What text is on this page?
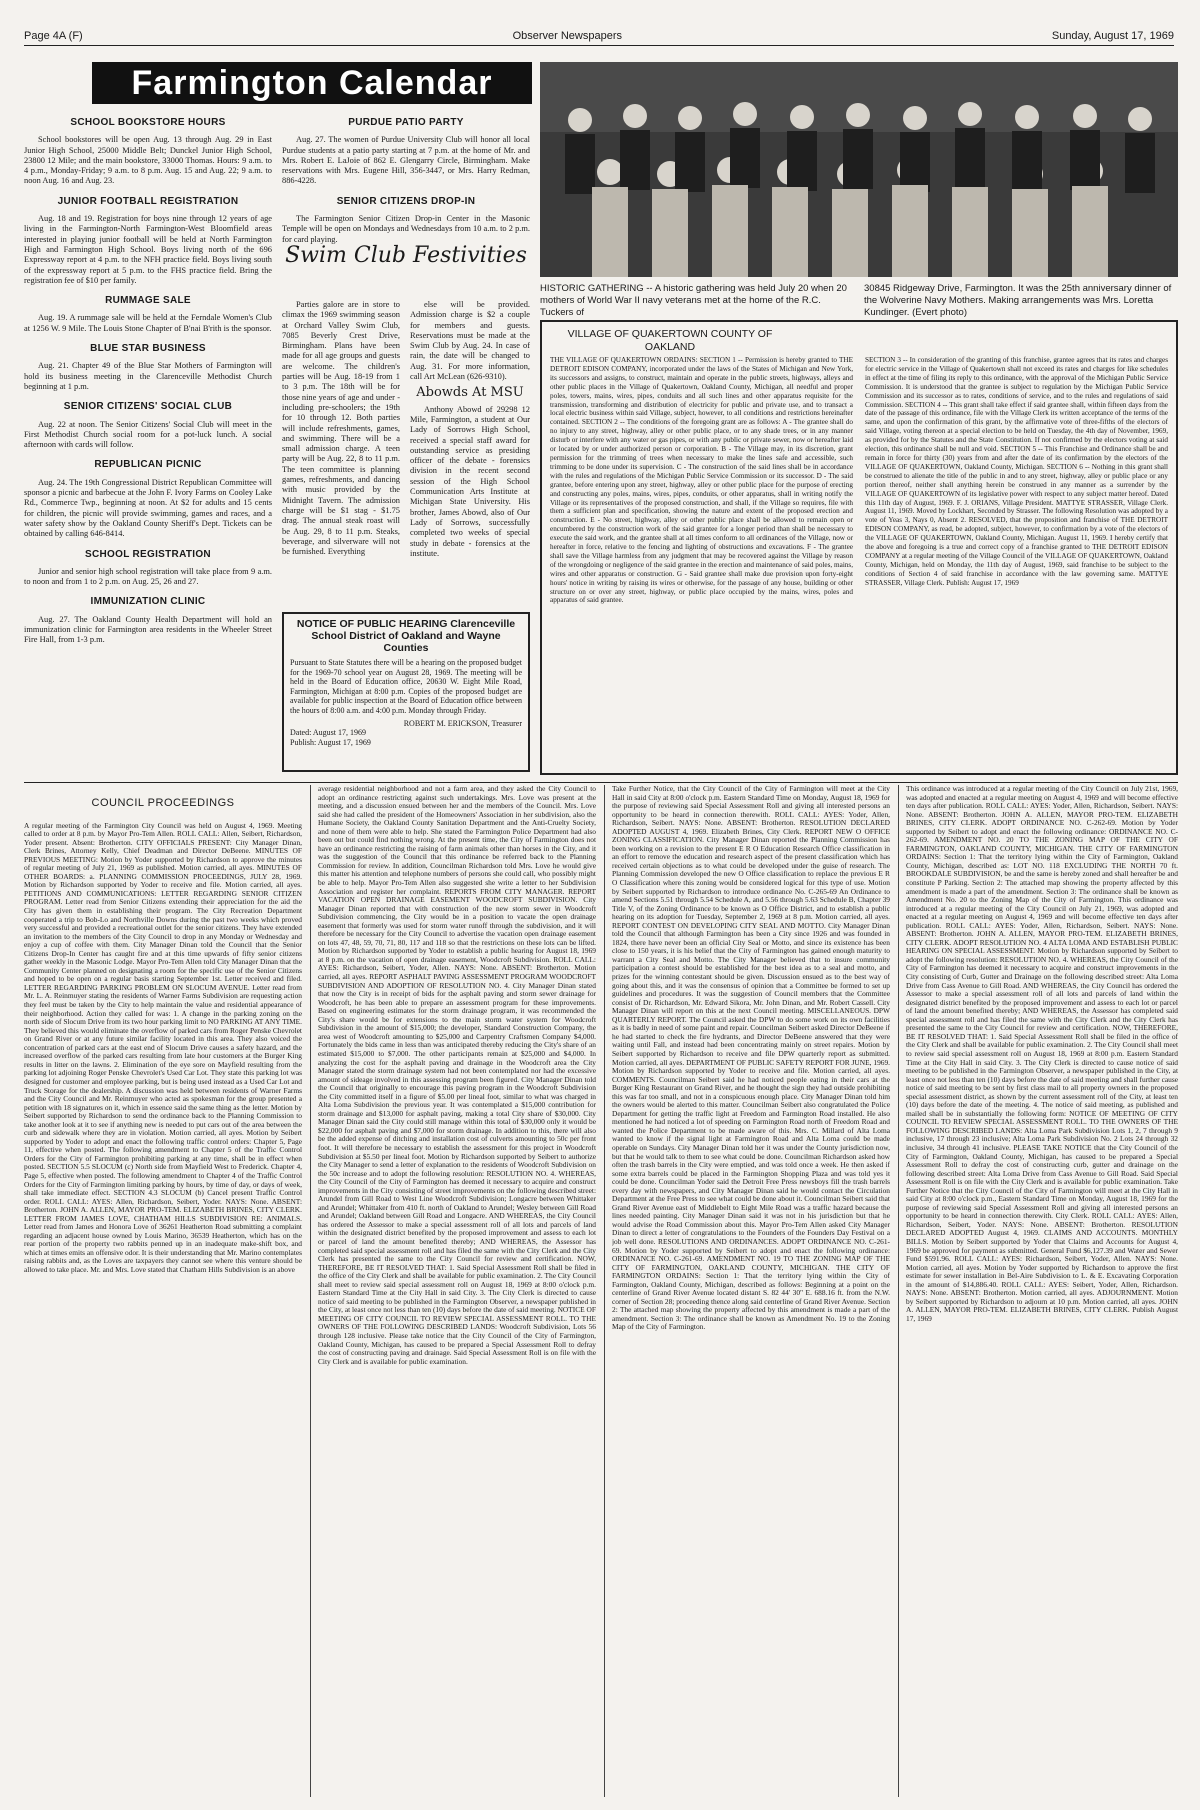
Page 4A (F)	Observer Newspapers	Sunday, August 17, 1969
Farmington Calendar
SCHOOL BOOKSTORE HOURS
School bookstores will be open Aug. 13 through Aug. 29 in East Junior High School, 25000 Middle Belt; Dunckel Junior High School, 23800 12 Mile; and the main bookstore, 33000 Thomas. Hours: 9 a.m. to 4 p.m., Monday-Friday; 9 a.m. to 8 p.m. Aug. 15 and Aug. 22; 9 a.m. to noon Aug. 16 and Aug. 23.
JUNIOR FOOTBALL REGISTRATION
Aug. 18 and 19. Registration for boys nine through 12 years of age living in the Farmington-North Farmington-West Bloomfield areas interested in playing junior football will be held at North Farmington High and Farmington High School. Boys living north of the 696 Expressway report at 4 p.m. to the NFH practice field. Boys living south of the expressway report at 5 p.m. to the FHS practice field. Bring the registration fee of $10 per family.
RUMMAGE SALE
Aug. 19. A rummage sale will be held at the Ferndale Women's Club at 1256 W. 9 Mile. The Louis Stone Chapter of B'nai B'rith is the sponsor.
BLUE STAR BUSINESS
Aug. 21. Chapter 49 of the Blue Star Mothers of Farmington will hold its business meeting in the Clarenceville Methodist Church beginning at 1 p.m.
SENIOR CITIZENS' SOCIAL CLUB
Aug. 22 at noon. The Senior Citizens' Social Club will meet in the First Methodist Church social room for a pot-luck lunch. A social afternoon with cards will follow.
REPUBLICAN PICNIC
Aug. 24. The 19th Congressional District Republican Committee will sponsor a picnic and barbecue at the John F. Ivory Farms on Cooley Lake Rd., Commerce Twp., beginning at noon. At $2 for adults and 15 cents for children, the picnic will provide swimming, games and races, and a water safety show by the Oakland County Sheriff's Dept. Tickets can be obtained by calling 646-8414.
SCHOOL REGISTRATION
Junior and senior high school registration will take place from 9 a.m. to noon and from 1 to 2 p.m. on Aug. 25, 26 and 27.
IMMUNIZATION CLINIC
Aug. 27. The Oakland County Health Department will hold an immunization clinic for Farmington area residents in the Wheeler Street Fire Hall, from 1-3 p.m.
PURDUE PATIO PARTY
Aug. 27. The women of Purdue University Club will honor all local Purdue students at a patio party starting at 7 p.m. at the home of Mr. and Mrs. Robert E. LaJoie of 862 E. Glengarry Circle, Birmingham. Make reservations with Mrs. Eugene Hill, 356-3447, or Mrs. Harry Redman, 886-4228.
SENIOR CITIZENS DROP-IN
The Farmington Senior Citizen Drop-in Center in the Masonic Temple will be open on Mondays and Wednesdays from 10 a.m. to 2 p.m. for card playing.
Swim Club Festivities
Parties galore are in store to climax the 1969 swimming season at Orchard Valley Swim Club, 7085 Beverly Crest Drive, Birmingham. Plans have been made for all age groups and guests are welcome. The children's parties will be Aug. 18-19 from 1 to 3 p.m. The 18th will be for those nine years of age and under - including pre-schoolers; the 19th for 10 through 12. Both parties will include refreshments, games, and swimming. There will be a small admission charge. A teen party will be Aug. 22, 8 to 11 p.m. The teen committee is planning games, refreshments, and dancing with music provided by the Midnight Tavern. The admission charge will be $1 stag - $1.75 drag. The annual steak roast will be Aug. 29, 8 to 11 p.m. Steaks, beverage, and silverware will not be furnished. Everything
else will be provided. Admission charge is $2 a couple for members and guests. Reservations must be made at the Swim Club by Aug. 24. In case of rain, the date will be changed to Aug. 31. For more information, call Art McLean (626-9310).
Abowds At MSU
Anthony Abowd of 29298 12 Mile, Farmington, a student at Our Lady of Sorrows High School, received a special staff award for outstanding service as presiding officer of the debate - forensics division in the recent second session of the High School Communication Arts Institute at Michigan State University. His brother, James Abowd, also of Our Lady of Sorrows, successfully completed two weeks of special study in debate - forensics at the institute.
NOTICE OF PUBLIC HEARING Clarenceville School District of Oakland and Wayne Counties
Pursuant to State Statutes there will be a hearing on the proposed budget for the 1969-70 school year on August 28, 1969. The meeting will be held in the Board of Education office, 20630 W. Eight Mile Road, Farmington, Michigan at 8:00 p.m. Copies of the proposed budget are available for public inspection at the Board of Education office between the hours of 8:00 a.m. and 4:00 p.m. Monday through Friday.
ROBERT M. ERICKSON, Treasurer
Dated: August 17, 1969
Publish: August 17, 1969
HISTORIC GATHERING -- A historic gathering was held July 20 when 20 mothers of World War II navy veterans met at the home of the R.C. Tuckers of
30845 Ridgeway Drive, Farmington. It was the 25th anniversary dinner of the Wolverine Navy Mothers. Making arrangements was Mrs. Loretta Kundinger. (Evert photo)
VILLAGE OF QUAKERTOWN COUNTY OF OAKLAND
THE VILLAGE OF QUAKERTOWN ORDAINS: SECTION 1 -- Permission is hereby granted to THE DETROIT EDISON COMPANY, incorporated under the laws of the States of Michigan and New York, its successors and assigns, to construct, maintain and operate in the public streets, highways, alleys and other public places in the Village of Quakertown, Oakland County, Michigan, all needful and proper poles, towers, mains, wires, pipes, conduits and all such lines and other apparatus requisite for the transmission, transforming and distribution of electricity for public and private use, and to transact a local electric business within said Village, subject, however, to all conditions and restrictions hereinafter contained. SECTION 2 -- The conditions of the foregoing grant are as follows: A - The grantee shall do no injury to any street, highway, alley or other public place, or to any shade trees, or in any manner disturb or interfere with any water or gas pipes, or with any public or private sewer, now or hereafter laid or located by or under authorized person or corporation. B - The Village may, in its discretion, grant permission for the trimming of trees when necessary to make the lines safe and accessible, such trimming to be done under its supervision. C - The construction of the said lines shall be in accordance with the rules and regulations of the Michigan Public Service Commission or its successor. D - The said grantee, before entering upon any street, highway, alley or other public place for the purpose of erecting and constructing any poles, mains, wires, pipes, conduits, or other apparatus, shall in writing notify the Village or its representatives of the proposed construction, and shall, if the Village so requires, file with them a sufficient plan and specification, showing the nature and extent of the proposed erection and construction. E - No street, highway, alley or other public place shall be allowed to remain open or encumbered by the construction work of the said grantee for a longer period than shall be necessary to execute the said work, and the grantee shall at all times conform to all ordinances of the Village, now or hereafter in force, relative to the fencing and lighting of obstructions and excavations. F - The grantee shall save the Village harmless from any judgment that may be recovered against the Village by reason of the wrongdoing or negligence of the said grantee in the erection and maintenance of said poles, mains, wires and other apparatus or construction. G - Said grantee shall make due provision upon forty-eight hours' notice in writing by raising its wires or otherwise, for the passage of any house, building or other structure on or over any street, highway, or public place occupied by the mains, wires, poles and apparatus of said grantee.
SECTION 3 -- In consideration of the granting of this franchise, grantee agrees that its rates and charges for electric service in the Village of Quakertown shall not exceed its rates and charges for like schedules in effect at the time of filing its reply to this ordinance, with the approval of the Michigan Public Service Commission. It is understood that the grantee is subject to regulation by the Michigan Public Service Commission and its successor as to rates, conditions of service, and to the rules and regulations of said Commission. SECTION 4 -- This grant shall take effect if said grantee shall, within fifteen days from the date of the passage of this ordinance, file with the Village Clerk its written acceptance of the terms of the same, and upon the confirmation of this grant, by the affirmative vote of three-fifths of the electors of said Village, voting thereon at a special election to be held on Tuesday, the 4th day of November, 1969, as provided for by the Statutes and the State Constitution. If not confirmed by the electors voting at said election, this ordinance shall be null and void. SECTION 5 -- This Franchise and Ordinance shall be and remain in force for thirty (30) years from and after the date of its confirmation by the electors of the VILLAGE OF QUAKERTOWN, Oakland County, Michigan. SECTION 6 -- Nothing in this grant shall be construed to alienate the title of the public in and to any street, highway, alley or public place or any portion thereof, neither shall anything herein be construed in any manner as a surrender by the VILLAGE OF QUAKERTOWN of its legislative power with respect to any subject matter hereof. Dated this 11th day of August, 1969. F. J. ORIANS, Village President. MATTYE STRASSER, Village Clerk. August 11, 1969. Moved by Lockhart, Seconded by Strasser. The following Resolution was adopted by a vote of Yeas 3, Nays 0, Absent 2. RESOLVED, that the proposition and franchise of THE DETROIT EDISON COMPANY, as read, be adopted, subject, however, to confirmation by a vote of the electors of the VILLAGE OF QUAKERTOWN, Oakland County, Michigan. August 11, 1969. I hereby certify that the above and foregoing is a true and correct copy of a franchise granted to THE DETROIT EDISON COMPANY at a regular meeting of the Village Council of the VILLAGE OF QUAKERTOWN, Oakland County, Michigan, held on Monday, the 11th day of August, 1969, said franchise to be subject to the conditions of Section 4 of said franchise in accordance with the law governing same. MATTYE STRASSER, Village Clerk. Publish: August 17, 1969
COUNCIL PROCEEDINGS

A regular meeting of the Farmington City Council was held on August 4, 1969. Meeting called to order at 8 p.m. by Mayor Pro-Tem Allen. ROLL CALL: Allen, Seibert, Richardson, Yoder present. Absent: Brotherton. CITY OFFICIALS PRESENT: City Manager Dinan, Clerk Brines, Attorney Kelly, Chief Deadman and Director DeBeene. MINUTES OF PREVIOUS MEETING: Motion by Yoder supported by Richardson to approve the minutes of regular meeting of July 21, 1969 as published. Motion carried, all ayes. MINUTES OF OTHER BOARDS: a. PLANNING COMMISSION PROCEEDINGS, JULY 28, 1969. Motion by Richardson supported by Yoder to receive and file. Motion carried, all ayes. PETITIONS AND COMMUNICATIONS: LETTER REGARDING SENIOR CITIZEN PROGRAM. Letter read from Senior Citizens extending their appreciation for the aid the City has given them in establishing their program. The City Recreation Department cooperated a trip to Bob-Lo and Northville Downs during the past two weeks which proved very successful and provided a recreational outlet for the senior citizens. They have extended an invitation to the members of the City Council to drop in any Monday or Wednesday and enjoy a cup of coffee with them. City Manager Dinan told the Council that the Senior Citizens Drop-In Center has caught fire and at this time upwards of fifty senior citizens gather weekly in the Masonic Lodge. Mayor Pro-Tem Allen told City Manager Dinan that the Community Center planned on designating a room for the specific use of the Senior Citizens and hoped to be open on a regular basis starting September 1st. Letter received and filed. LETTER REGARDING PARKING PROBLEM ON SLOCUM AVENUE. Letter read from Mr. L. A. Reinmuyer stating the residents of Warner Farms Subdivision are requesting action they feel must be taken by the City to help maintain the value and residential appearance of their neighborhood. Action they called for was: 1. A change in the parking zoning on the north side of Slocum Drive from its two hour parking limit to NO PARKING AT ANY TIME. They believed this would eliminate the overflow of parked cars from Roger Penske Chevrolet on Grand River or at any future similar facility located in this area. They also voiced the concentration of parked cars at the east end of Slocum Drive causes a safety hazard, and the increased overflow of the parked cars resulting from late hour customers at the Burger King results in litter on the lawns. 2. Elimination of the eye sore on Mayfield resulting from the parking lot adjoining Roger Penske Chevrolet's Used Car Lot. They state this parking lot was designed for customer and employee parking, but is being used instead as a Used Car Lot and Truck Storage for the dealership. A discussion was held between residents of Warner Farms and the City Council and Mr. Reinmuyer who acted as spokesman for the group presented a petition with 18 signatures on it, which in essence said the same thing as the letter. Motion by Seibert supported by Richardson to send the ordinance back to the Planning Commission to take another look at it to see if anything new is needed to put cars out of the area between the curb and sidewalk where they are in violation. Motion carried, all ayes. Motion by Seibert supported by Yoder to adopt and enact the following traffic control orders: Chapter 5, Page 11, effective when posted. The following amendment to Chapter 5 of the Traffic Control Orders for the City of Farmington prohibiting parking at any time, shall be in effect when posted. SECTION 5.5 SLOCUM (c) North side from Mayfield West to Frederick. Chapter 4, Page 5, effective when posted. The following amendment to Chapter 4 of the Traffic Control Orders for the City of Farmington limiting parking by hours, by time of day, or days of week, shall take immediate effect. SECTION 4.3 SLOCUM (b) Cancel present Traffic Control order. ROLL CALL: AYES: Allen, Richardson, Seibert, Yoder. NAYS: None. ABSENT: Brotherton. JOHN A. ALLEN, MAYOR PRO-TEM. ELIZABETH BRINES, CITY CLERK. LETTER FROM JAMES LOVE, CHATHAM HILLS SUBDIVISION RE: ANIMALS. Letter read from James and Honora Love of 36261 Heatherton Road submitting a complaint regarding an adjacent house owned by Louis Marino, 36539 Heatherton, which has on the rear portion of the property two rabbits penned up in an inadequate make-shift box, and which at times emits an offensive odor. It is their understanding that Mr. Marino contemplates raising rabbits and, as the Loves are taxpayers they cannot see where this venture should be allowed to take place. Mr. and Mrs. Love stated that Chatham Hills Subdivision is an above

average residential neighborhood and not a farm area, and they asked the City Council to adopt an ordinance restricting against such undertakings. Mrs. Love was present at the meeting, and a discussion ensued between her and the members of the Council. Mrs. Love said she had called the president of the Homeowners' Association in her subdivision, also the Humane Society, the Oakland County Sanitation Department and the Anti-Cruelty Society, and none of them were able to help. She stated the Farmington Police Department had also been out but could find nothing wrong. At the present time, the City of Farmington does not have an ordinance restricting the raising of farm animals other than horses in the City, and it was the suggestion of the Council that this ordinance be referred back to the Planning Commission for review. In addition, Councilman Richardson told Mrs. Love he would give this matter his attention and telephone numbers of persons she could call, who possibly might be able to help. Mayor Pro-Tem Allen also suggested she write a letter to her Subdivision Association and register her complaint. REPORTS FROM CITY MANAGER. REPORT VACATION OPEN DRAINAGE EASEMENT WOODCROFT SUBDIVISION. City Manager Dinan reported that with construction of the new storm sewer in Woodcroft Subdivision commencing, the City would be in a position to vacate the open drainage easement that formerly was used for storm water runoff through the subdivision, and it will therefore be necessary for the City Council to advertise the vacation open drainage easement on lots 47, 48, 59, 70, 71, 80, 117 and 118 so that the restrictions on these lots can be lifted. Motion by Richardson supported by Yoder to establish a public hearing for August 18, 1969 at 8 p.m. on the vacation of open drainage easement, Woodcroft Subdivision. ROLL CALL: AYES: Richardson, Seibert, Yoder, Allen. NAYS: None. ABSENT: Brotherton. Motion carried, all ayes. REPORT ASPHALT PAVING ASSESSMENT PROGRAM WOODCROFT SUBDIVISION AND ADOPTION OF RESOLUTION NO. 4. City Manager Dinan stated that now the City is in receipt of bids for the asphalt paving and storm sewer drainage for Woodcroft, he has been able to prepare an assessment program for these improvements. Based on engineering estimates for the storm drainage program, it was recommended the City's share would be for extensions to the main storm water system for Woodcroft Subdivision in the amount of $15,000; the developer, Standard Construction Company, the area west of Woodcroft amounting to $25,000 and Carpentry Craftsmen Company $4,000. Fortunately the bids came in less than was anticipated thereby reducing the City's share of an estimated $15,000 to $7,000. The other participants remain at $25,000 and $4,000. In analyzing the cost for the asphalt paving and drainage in the Woodcroft area the City Manager stated the storm drainage system had not been contemplated nor had the excessive amount of sideage involved in this assessing program been figured. City Manager Dinan told the Council that originally to encourage this paving program in the Woodcroft Subdivision the City committed itself in a figure of $5.00 per lineal foot, similar to what was charged in Alta Loma Subdivision the previous year. It was contemplated a $15,000 contribution for storm drainage and $13,000 for asphalt paving, making a total City share of $30,000. City Manager Dinan said the City could still manage within this total of $30,000 only it would be $22,000 for asphalt paving and $7,000 for storm drainage. In addition to this, there will also be the added expense of ditching and installation cost of culverts amounting to 50c per front foot. It will therefore be necessary to establish the assessment for this project in Woodcroft Subdivision at $5.50 per lineal foot. Motion by Richardson supported by Seibert to authorize the City Manager to send a letter of explanation to the residents of Woodcroft Subdivision on the 50c increase and to adopt the following resolution: RESOLUTION NO. 4. WHEREAS, the City Council of the City of Farmington has deemed it necessary to acquire and construct improvements in the City consisting of street improvements on the following described street: Arundel from Gill Road to West Line Woodcroft Subdivision; Longacre between Whittaker and Arundel; Whittaker from 410 ft. north of Oakland to Arundel; Wesley between Gill Road and Arundel; Oakland between Gill Road and Longacre. AND WHEREAS, the City Council has ordered the Assessor to make a special assessment roll of all lots and parcels of land within the designated district benefited by the proposed improvement and assess to each lot or parcel of land the amount benefited thereby; AND WHEREAS, the Assessor has completed said special assessment roll and has filed the same with the City Clerk and the City Clerk has presented the same to the City Council for review and certification. NOW, THEREFORE, BE IT RESOLVED THAT: 1. Said Special Assessment Roll shall be filed in the office of the City Clerk and shall be available for public examination. 2. The City Council shall meet to review said special assessment roll on August 18, 1969 at 8:00 o'clock p.m. Eastern Standard Time at the City Hall in said City. 3. The City Clerk is directed to cause notice of said meeting to be published in the Farmington Observer, a newspaper published in the City, at least once not less than ten (10) days before the date of said meeting. NOTICE OF MEETING OF CITY COUNCIL TO REVIEW SPECIAL ASSESSMENT ROLL. TO THE OWNERS OF THE FOLLOWING DESCRIBED LANDS: Woodcroft Subdivision, Lots 56 through 128 inclusive. Please take notice that the City Council of the City of Farmington, Oakland County, Michigan, has caused to be prepared a Special Assessment Roll to defray the cost of constructing paving and drainage. Said Special Assessment Roll is on file with the City Clerk and is available for public examination.

Take Further Notice, that the City Council of the City of Farmington will meet at the City Hall in said City at 8:00 o'clock p.m. Eastern Standard Time on Monday, August 18, 1969 for the purpose of reviewing said Special Assessment Roll and giving all interested persons an opportunity to be heard in connection therewith. ROLL CALL: AYES: Yoder, Allen, Richardson, Seibert. NAYS: None. ABSENT: Brotherton. RESOLUTION DECLARED ADOPTED AUGUST 4, 1969. Elizabeth Brines, City Clerk. REPORT NEW O OFFICE ZONING CLASSIFICATION. City Manager Dinan reported the Planning Commission has been working on a revision to the present E R O Education Research Office classification in an effort to remove the education and research aspect of the present classification which has received certain objections as to what could be developed under the guise of research. The Planning Commission developed the new O Office classification to replace the previous E R O Classification where this zoning would be considered logical for this type of use. Motion by Seibert supported by Richardson to introduce ordinance No. C-265-69 An Ordinance to amend Sections 5.51 through 5.54 Schedule A, and 5.56 through 5.63 Schedule B, Chapter 39 Title V, of the Zoning Ordinance to be known as O Office District, and to establish a public hearing on its adoption for Tuesday, September 2, 1969 at 8 p.m. Motion carried, all ayes. REPORT CONTEST ON DEVELOPING CITY SEAL AND MOTTO. City Manager Dinan told the Council that although Farmington has been a City since 1926 and was founded in 1824, there have never been an official City Seal or Motto, and since its existence has been close to 150 years, it is his belief that the City of Farmington has gained enough maturity to warrant a City Seal and Motto. The City Manager believed that to insure community participation a contest should be established for the best idea as to a seal and motto, and prizes for the winning contestant should be given. Discussion ensued as to the best way of going about this, and it was the consensus of opinion that a Committee be formed to set up guidelines and procedures. It was the suggestion of Council members that the Committee consist of Dr. Richardson, Mr. Edward Sikora, Mr. John Dinan, and Mr. Robert Cassell. City Manager Dinan will report on this at the next Council meeting. MISCELLANEOUS. DPW QUARTERLY REPORT. The Council asked the DPW to do some work on its own facilities as it is badly in need of some paint and repair. Councilman Seibert asked Director DeBeene if he had started to check the fire hydrants, and Director DeBeene answered that they were waiting until Fall, and instead had been concentrating mainly on street repairs. Motion by Seibert supported by Richardson to receive and file DPW quarterly report as submitted. Motion carried, all ayes. DEPARTMENT OF PUBLIC SAFETY REPORT FOR JUNE, 1969. Motion by Richardson supported by Yoder to receive and file. Motion carried, all ayes. COMMENTS. Councilman Seibert said he had noticed people eating in their cars at the Burger King Restaurant on Grand River, and he thought the sign they had outside prohibiting this was far too small, and not in a conspicuous enough place. City Manager Dinan told him the owners would be alerted to this matter. Councilman Seibert also congratulated the Police Department for getting the traffic light at Freedom and Farmington Road installed. He also mentioned he had noticed a lot of speeding on Farmington Road north of Freedom Road and wanted the Police Department to be made aware of this. Mrs. C. Millard of Alta Loma wanted to know if the signal light at Farmington Road and Alta Loma could be made operable on Sundays. City Manager Dinan told her it was under the County jurisdiction now, but that he would talk to them to see what could be done. Councilman Richardson asked how often the trash barrels in the City were emptied, and was told once a week. He then asked if some extra barrels could be placed in the Farmington Shopping Plaza and was told yes it could be done. Councilman Yoder said the Detroit Free Press newsboys fill the trash barrels every day with newspapers, and City Manager Dinan said he would contact the Circulation Department at the Free Press to see what could be done about it. Councilman Seibert said that Grand River Avenue east of Middlebelt to Eight Mile Road was a traffic hazard because the lines needed painting. City Manager Dinan said it was not in his jurisdiction but that he would advise the Road Commission about this. Mayor Pro-Tem Allen asked City Manager Dinan to direct a letter of congratulations to the Founders of the Founders Day Festival on a job well done. RESOLUTIONS AND ORDINANCES. ADOPT ORDINANCE NO. C-261-69. Motion by Yoder supported by Seibert to adopt and enact the following ordinance: ORDINANCE NO. C-261-69. AMENDMENT NO. 19 TO THE ZONING MAP OF THE CITY OF FARMINGTON, OAKLAND COUNTY, MICHIGAN. THE CITY OF FARMINGTON ORDAINS: Section 1: That the territory lying within the City of Farmington, Oakland County, Michigan, described as follows: Beginning at a point on the centerline of Grand River Avenue located distant S. 82 44' 30" E. 688.16 ft. from the N.W. corner of Section 28; proceeding thence along said centerline of Grand River Avenue. Section 2: The attached map showing the property affected by this amendment is made a part of the amendment. Section 3: The ordinance shall be known as Amendment No. 19 to the Zoning Map of the City of Farmington.

This ordinance was introduced at a regular meeting of the City Council on July 21st, 1969, was adopted and enacted at a regular meeting on August 4, 1969 and will become effective ten days after publication. ROLL CALL: AYES: Yoder, Allen, Richardson, Seibert. NAYS: None. ABSENT: Brotherton. JOHN A. ALLEN, MAYOR PRO-TEM. ELIZABETH BRINES, CITY CLERK. ADOPT ORDINANCE NO. C-262-69. Motion by Yoder supported by Seibert to adopt and enact the following ordinance: ORDINANCE NO. C-262-69. AMENDMENT NO. 20 TO THE ZONING MAP OF THE CITY OF FARMINGTON, OAKLAND COUNTY, MICHIGAN. THE CITY OF FARMINGTON ORDAINS: Section 1: That the territory lying within the City of Farmington, Oakland County, Michigan, described as: LOT NO. 118 EXCLUDING THE NORTH 70 ft. BROOKDALE SUBDIVISION, be and the same is hereby zoned and shall hereafter be and constitute P Parking. Section 2: The attached map showing the property affected by this amendment is made a part of the amendment. Section 3: The ordinance shall be known as Amendment No. 20 to the Zoning Map of the City of Farmington. This ordinance was introduced at a regular meeting of the City Council on July 21, 1969, was adopted and enacted at a regular meeting on August 4, 1969 and will become effective ten days after publication. ROLL CALL: AYES: Yoder, Allen, Richardson, Seibert. NAYS: None. ABSENT: Brotherton. JOHN A. ALLEN, MAYOR PRO-TEM. ELIZABETH BRINES, CITY CLERK. ADOPT RESOLUTION NO. 4 ALTA LOMA AND ESTABLISH PUBLIC HEARING ON SPECIAL ASSESSMENT. Motion by Richardson supported by Seibert to adopt the following resolution: RESOLUTION NO. 4. WHEREAS, the City Council of the City of Farmington has deemed it necessary to acquire and construct improvements in the City consisting of Curb, Gutter and Drainage on the following described street: Alta Loma Drive from Cass Avenue to Gill Road. AND WHEREAS, the City Council has ordered the Assessor to make a special assessment roll of all lots and parcels of land within the designated district benefited by the proposed improvement and assess to each lot or parcel of land the amount benefited thereby; AND WHEREAS, the Assessor has completed said special assessment roll and has filed the same with the City Clerk and the City Clerk has presented the same to the City Council for review and certification. NOW, THEREFORE, BE IT RESOLVED THAT: 1. Said Special Assessment Roll shall be filed in the office of the City Clerk and shall be available for public examination. 2. The City Council shall meet to review said special assessment roll on August 18, 1969 at 8:00 p.m. Eastern Standard Time at the City Hall in said City. 3. The City Clerk is directed to cause notice of said meeting to be published in the Farmington Observer, a newspaper published in the City, at least once not less than ten (10) days before the date of said meeting and shall further cause notice of said meeting to be sent by first class mail to all property owners in the proposed special assessment district, as shown by the current assessment roll of the City, at least ten (10) days before the date of the meeting. 4. The notice of said meeting, as published and mailed shall be in substantially the following form: NOTICE OF MEETING OF CITY COUNCIL TO REVIEW SPECIAL ASSESSMENT ROLL. TO THE OWNERS OF THE FOLLOWING DESCRIBED LANDS: Alta Loma Park Subdivision Lots 1, 2, 7 through 9 inclusive, 17 through 23 inclusive; Alta Loma Park Subdivision No. 2 Lots 24 through 32 inclusive, 34 through 41 inclusive. PLEASE TAKE NOTICE that the City Council of the City of Farmington, Oakland County, Michigan, has caused to be prepared a Special Assessment Roll to defray the cost of constructing curb, gutter and drainage on the following described street: Alta Loma Drive from Cass Avenue to Gill Road. Said Special Assessment Roll is on file with the City Clerk and is available for public examination. Take Further Notice that the City Council of the City of Farmington will meet at the City Hall in said City at 8:00 o'clock p.m., Eastern Standard Time on Monday, August 18, 1969 for the purpose of reviewing said Special Assessment Roll and giving all interested persons an opportunity to be heard in connection therewith. City Clerk. ROLL CALL: AYES: Allen, Richardson, Seibert, Yoder. NAYS: None. ABSENT: Brotherton. RESOLUTION DECLARED ADOPTED August 4, 1969. CLAIMS AND ACCOUNTS. MONTHLY BILLS. Motion by Seibert supported by Yoder that Claims and Accounts for August 4, 1969 be approved for payment as submitted. General Fund $6,127.39 and Water and Sewer Fund $591.96. ROLL CALL: AYES: Richardson, Seibert, Yoder, Allen. NAYS: None. Motion carried, all ayes. Motion by Yoder supported by Richardson to approve the first estimate for sewer installation in Bel-Aire Subdivision to L. & E. Excavating Corporation in the amount of $14,886.40. ROLL CALL: AYES: Seibert, Yoder, Allen, Richardson. NAYS: None. ABSENT: Brotherton. Motion carried, all ayes. ADJOURNMENT. Motion by Seibert supported by Richardson to adjourn at 10 p.m. Motion carried, all ayes. JOHN A. ALLEN, MAYOR PRO-TEM. ELIZABETH BRINES, CITY CLERK. Publish August 17, 1969
